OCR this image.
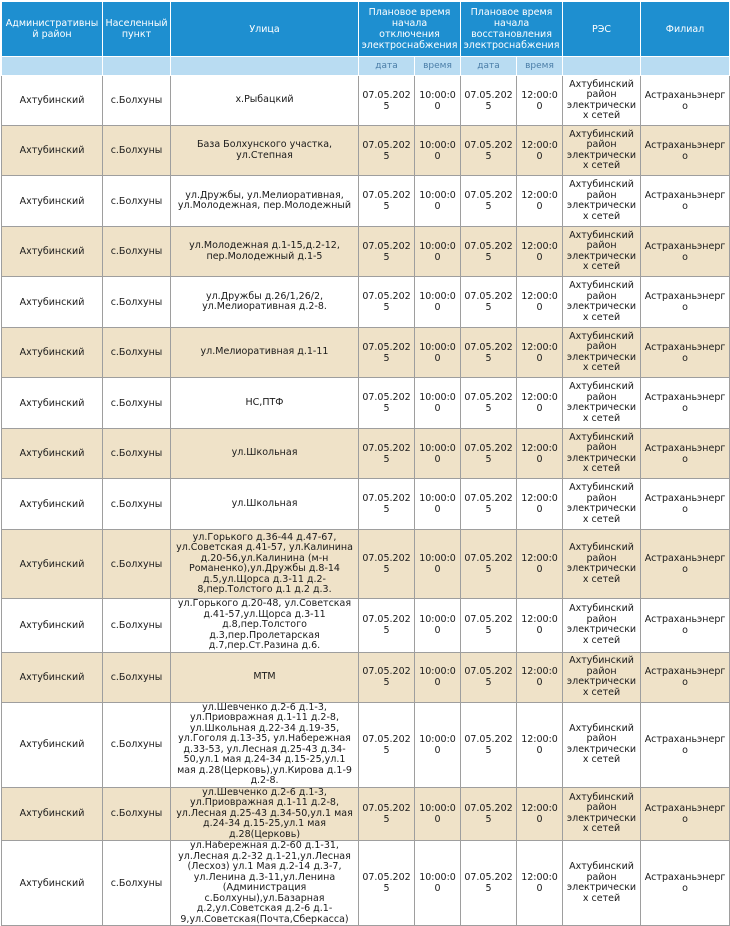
Административный район	Населенный пункт	Улица	Плановое время начала отключения электроснабжения		Плановое время начала восстановления электроснабжения		РЭС	Филиал
			дата	время	дата	время		
Ахтубинский	с.Болхуны	х.Рыбацкий	07.05.2025	10:00:00	07.05.2025	12:00:00	Ахтубинский район электрических сетей	Астраханьэнерго
Ахтубинский	с.Болхуны	База Болхунского участка, ул.Степная	07.05.2025	10:00:00	07.05.2025	12:00:00	Ахтубинский район электрических сетей	Астраханьэнерго
Ахтубинский	с.Болхуны	ул.Дружбы, ул.Мелиоративная, ул.Молодежная, пер.Молодежный	07.05.2025	10:00:00	07.05.2025	12:00:00	Ахтубинский район электрических сетей	Астраханьэнерго
Ахтубинский	с.Болхуны	ул.Молодежная д.1-15,д.2-12, пер.Молодежный д.1-5	07.05.2025	10:00:00	07.05.2025	12:00:00	Ахтубинский район электрических сетей	Астраханьэнерго
Ахтубинский	с.Болхуны	ул.Дружбы д.26/1,26/2, ул.Мелиоративная д.2-8.	07.05.2025	10:00:00	07.05.2025	12:00:00	Ахтубинский район электрических сетей	Астраханьэнерго
Ахтубинский	с.Болхуны	ул.Мелиоративная д.1-11	07.05.2025	10:00:00	07.05.2025	12:00:00	Ахтубинский район электрических сетей	Астраханьэнерго
Ахтубинский	с.Болхуны	НС,ПТФ	07.05.2025	10:00:00	07.05.2025	12:00:00	Ахтубинский район электрических сетей	Астраханьэнерго
Ахтубинский	с.Болхуны	ул.Школьная	07.05.2025	10:00:00	07.05.2025	12:00:00	Ахтубинский район электрических сетей	Астраханьэнерго
Ахтубинский	с.Болхуны	ул.Школьная	07.05.2025	10:00:00	07.05.2025	12:00:00	Ахтубинский район электрических сетей	Астраханьэнерго
Ахтубинский	с.Болхуны	ул.Горького д.36-44 д.47-67, ул.Советская д.41-57, ул.Калинина д.20-56,ул.Калинина (м-н Романенко),ул.Дружбы д.8-14 д.5,ул.Щорса д.3-11 д.2-8,пер.Толстого д.1 д.2 д.3.	07.05.2025	10:00:00	07.05.2025	12:00:00	Ахтубинский район электрических сетей	Астраханьэнерго
Ахтубинский	с.Болхуны	ул.Горького д.20-48, ул.Советская д.41-57,ул.Щорса д.3-11 д.8,пер.Толстого д.3,пер.Пролетарская д.7,пер.Ст.Разина д.6.	07.05.2025	10:00:00	07.05.2025	12:00:00	Ахтубинский район электрических сетей	Астраханьэнерго
Ахтубинский	с.Болхуны	МТМ	07.05.2025	10:00:00	07.05.2025	12:00:00	Ахтубинский район электрических сетей	Астраханьэнерго
Ахтубинский	с.Болхуны	ул.Шевченко д.2-6 д.1-3, ул.Приовражная д.1-11 д.2-8, ул.Школьная д.22-34 д.19-35, ул.Гоголя д.13-35, ул.Набережная д.33-53, ул.Лесная д.25-43 д.34-50,ул.1 мая д.24-34 д.15-25,ул.1 мая д.28(Церковь),ул.Кирова д.1-9 д.2-8.	07.05.2025	10:00:00	07.05.2025	12:00:00	Ахтубинский район электрических сетей	Астраханьэнерго
Ахтубинский	с.Болхуны	ул.Шевченко д.2-6 д.1-3, ул.Приовражная д.1-11 д.2-8, ул.Лесная д.25-43 д.34-50,ул.1 мая д.24-34 д.15-25,ул.1 мая д.28(Церковь)	07.05.2025	10:00:00	07.05.2025	12:00:00	Ахтубинский район электрических сетей	Астраханьэнерго
Ахтубинский	с.Болхуны	ул.Набережная д.2-60 д.1-31, ул.Лесная д.2-32 д.1-21,ул.Лесная (Лесхоз) ул.1 Мая д.2-14 д.3-7, ул.Ленина д.3-11,ул.Ленина (Администрация с.Болхуны),ул.Базарная д.2,ул.Советская д.2-6 д.1-9,ул.Советская(Почта,Сберкасса)	07.05.2025	10:00:00	07.05.2025	12:00:00	Ахтубинский район электрических сетей	Астраханьэнерго
